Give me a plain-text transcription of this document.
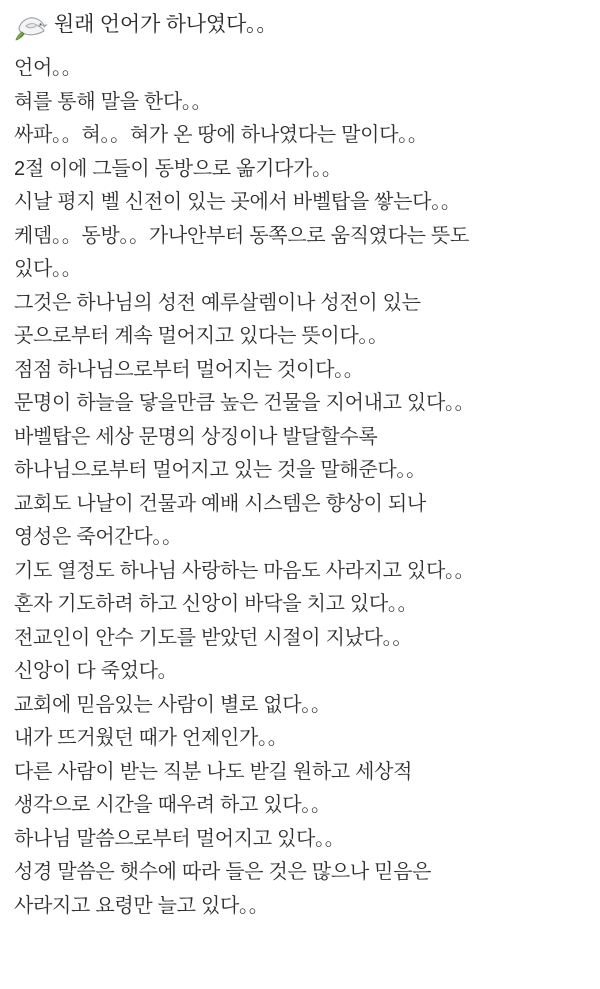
원래 언어가 하나였다。。
언어。。
혀를 통해 말을 한다。。
싸파。。혀。。혀가 온 땅에 하나였다는 말이다。。
2절 이에 그들이 동방으로 옮기다가。。
시날 평지 벨 신전이 있는 곳에서 바벨탑을 쌓는다。。
케뎀。。동방。。가나안부터 동쪽으로 움직였다는 뜻도
있다。。
그것은 하나님의 성전 예루살렘이나 성전이 있는
곳으로부터 계속 멀어지고 있다는 뜻이다。。
점점 하나님으로부터 멀어지는 것이다。。
문명이 하늘을 닿을만큼 높은 건물을 지어내고 있다。。
바벨탑은 세상 문명의 상징이나 발달할수록
하나님으로부터 멀어지고 있는 것을 말해준다。。
교회도 나날이 건물과 예배 시스템은 향상이 되나
영성은 죽어간다。。
기도 열정도 하나님 사랑하는 마음도 사라지고 있다。。
혼자 기도하려 하고 신앙이 바닥을 치고 있다。。
전교인이 안수 기도를 받았던 시절이 지났다。。
신앙이 다 죽었다。
교회에 믿음있는 사람이 별로 없다。。
내가 뜨거웠던 때가 언제인가。。
다른 사람이 받는 직분 나도 받길 원하고 세상적
생각으로 시간을 때우려 하고 있다。。
하나님 말씀으로부터 멀어지고 있다。。
성경 말씀은 햇수에 따라 들은 것은 많으나 믿음은
사라지고 요령만 늘고 있다。。
